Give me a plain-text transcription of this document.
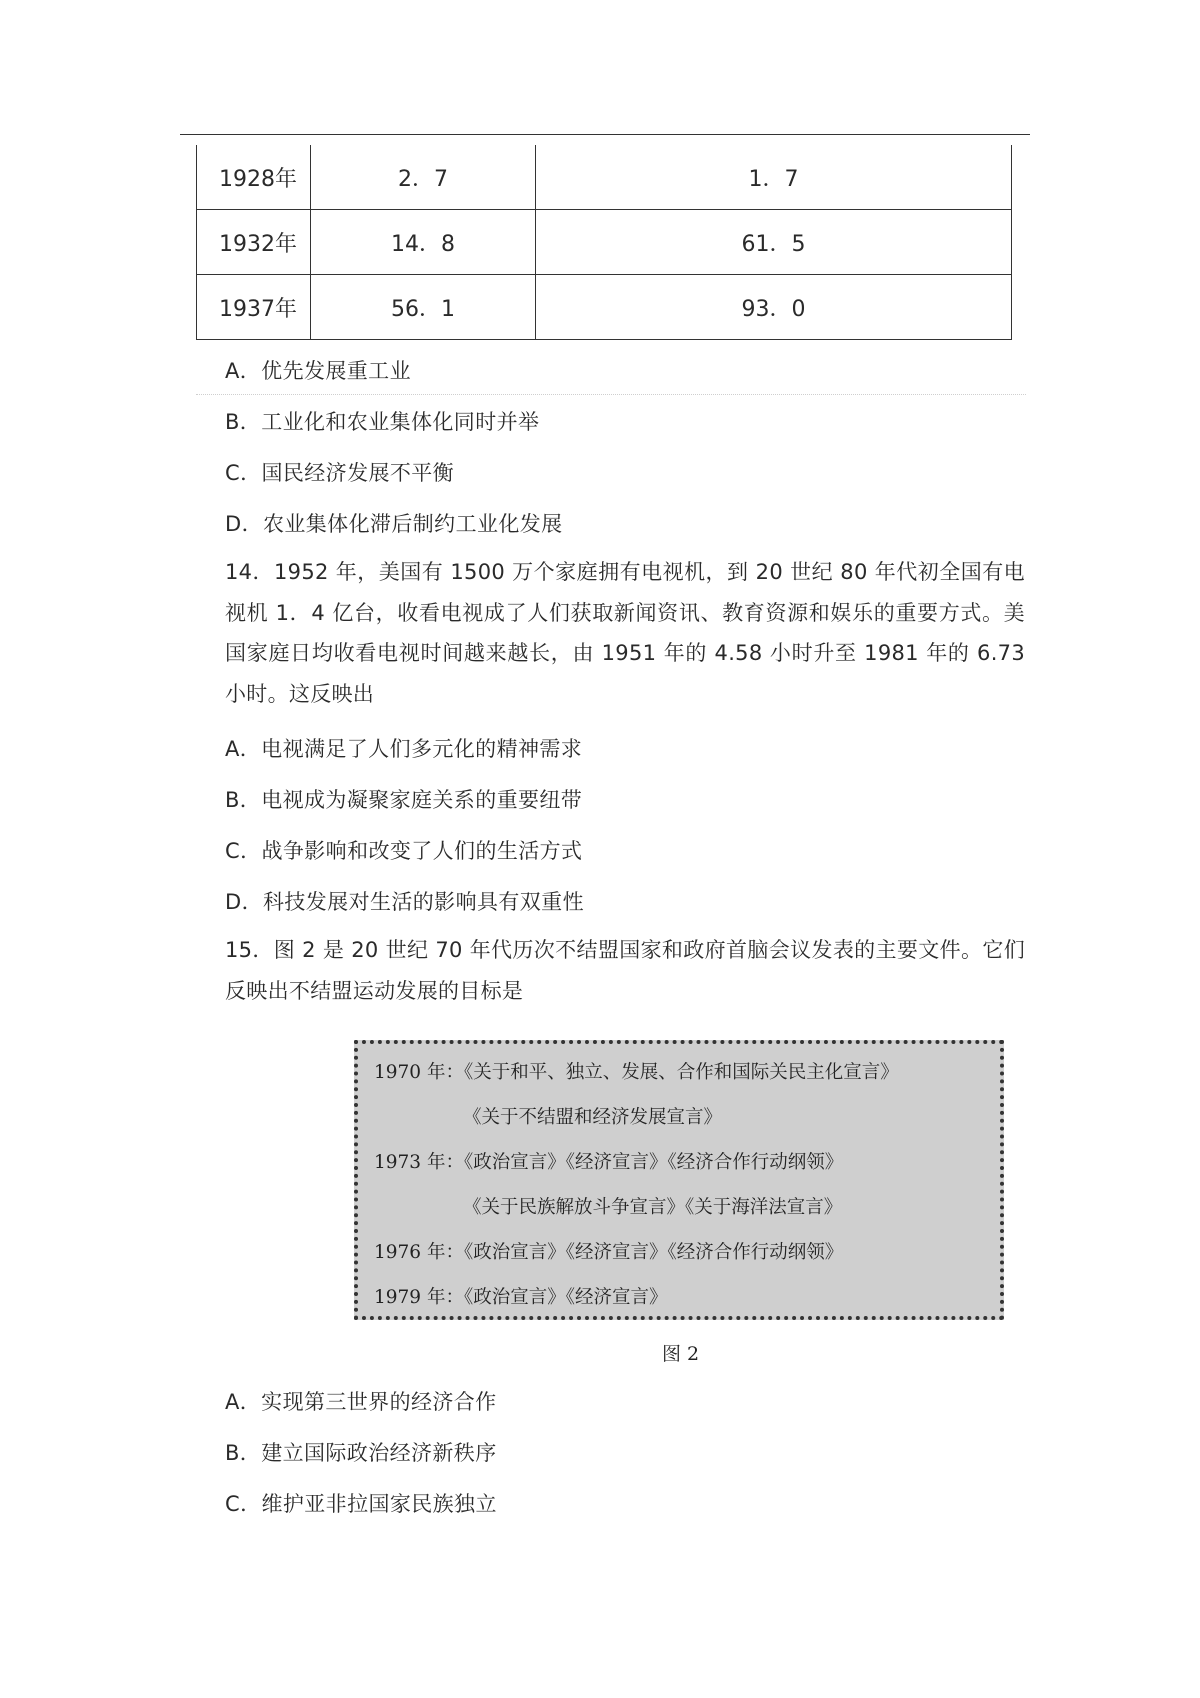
1928年	2．7	1．7
1932年	14．8	61．5
1937年	56．1	93．0
A．优先发展重工业
B．工业化和农业集体化同时并举
C．国民经济发展不平衡
D．农业集体化滞后制约工业化发展
14．1952 年，美国有 1500 万个家庭拥有电视机，到 20 世纪 80 年代初全国有电视机 1．4 亿台，收看电视成了人们获取新闻资讯、教育资源和娱乐的重要方式。美国家庭日均收看电视时间越来越长，由 1951 年的 4.58 小时升至 1981 年的 6.73 小时。这反映出
A．电视满足了人们多元化的精神需求
B．电视成为凝聚家庭关系的重要纽带
C．战争影响和改变了人们的生活方式
D．科技发展对生活的影响具有双重性
15．图 2 是 20 世纪 70 年代历次不结盟国家和政府首脑会议发表的主要文件。它们反映出不结盟运动发展的目标是
1970 年：《关于和平、独立、发展、合作和国际关民主化宣言》
《关于不结盟和经济发展宣言》
1973 年：《政治宣言》《经济宣言》《经济合作行动纲领》
《关于民族解放斗争宣言》《关于海洋法宣言》
1976 年：《政治宣言》《经济宣言》《经济合作行动纲领》
1979 年：《政治宣言》《经济宣言》
图 2
A．实现第三世界的经济合作
B．建立国际政治经济新秩序
C．维护亚非拉国家民族独立
